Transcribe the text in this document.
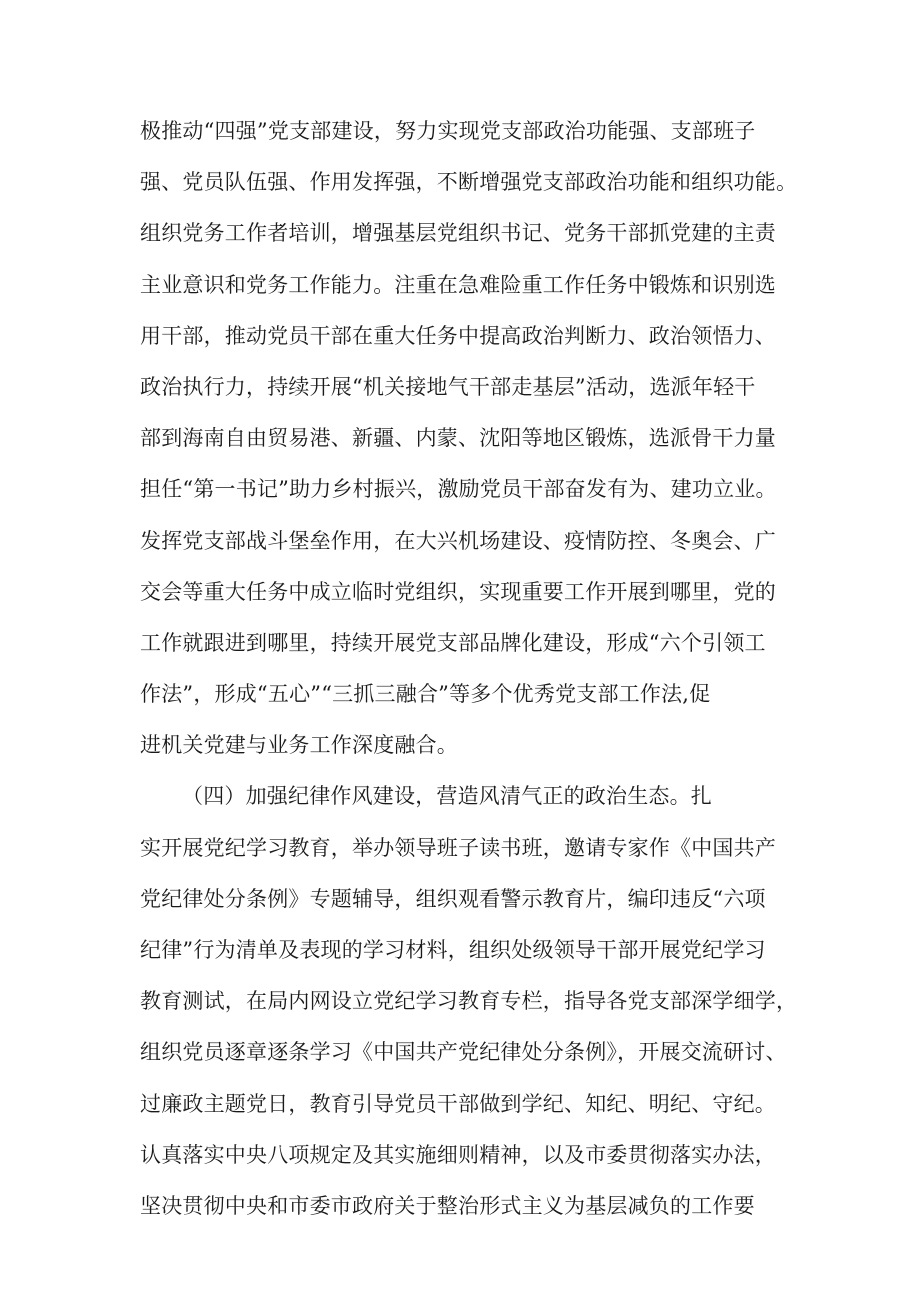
极推动“四强”党支部建设，努力实现党支部政治功能强、支部班子
强、党员队伍强、作用发挥强，不断增强党支部政治功能和组织功能。
组织党务工作者培训，增强基层党组织书记、党务干部抓党建的主责
主业意识和党务工作能力。注重在急难险重工作任务中锻炼和识别选
用干部，推动党员干部在重大任务中提高政治判断力、政治领悟力、
政治执行力，持续开展“机关接地气干部走基层”活动，选派年轻干
部到海南自由贸易港、新疆、内蒙、沈阳等地区锻炼，选派骨干力量
担任“第一书记”助力乡村振兴，激励党员干部奋发有为、建功立业。
发挥党支部战斗堡垒作用，在大兴机场建设、疫情防控、冬奥会、广
交会等重大任务中成立临时党组织，实现重要工作开展到哪里，党的
工作就跟进到哪里，持续开展党支部品牌化建设，形成“六个引领工
作法”，形成“五心”“三抓三融合”等多个优秀党支部工作法,促
进机关党建与业务工作深度融合。
（四）加强纪律作风建设，营造风清气正的政治生态。扎
实开展党纪学习教育，举办领导班子读书班，邀请专家作《中国共产
党纪律处分条例》专题辅导，组织观看警示教育片，编印违反“六项
纪律”行为清单及表现的学习材料，组织处级领导干部开展党纪学习
教育测试，在局内网设立党纪学习教育专栏，指导各党支部深学细学，
组织党员逐章逐条学习《中国共产党纪律处分条例》，开展交流研讨、
过廉政主题党日，教育引导党员干部做到学纪、知纪、明纪、守纪。
认真落实中央八项规定及其实施细则精神，以及市委贯彻落实办法，
坚决贯彻中央和市委市政府关于整治形式主义为基层减负的工作要
